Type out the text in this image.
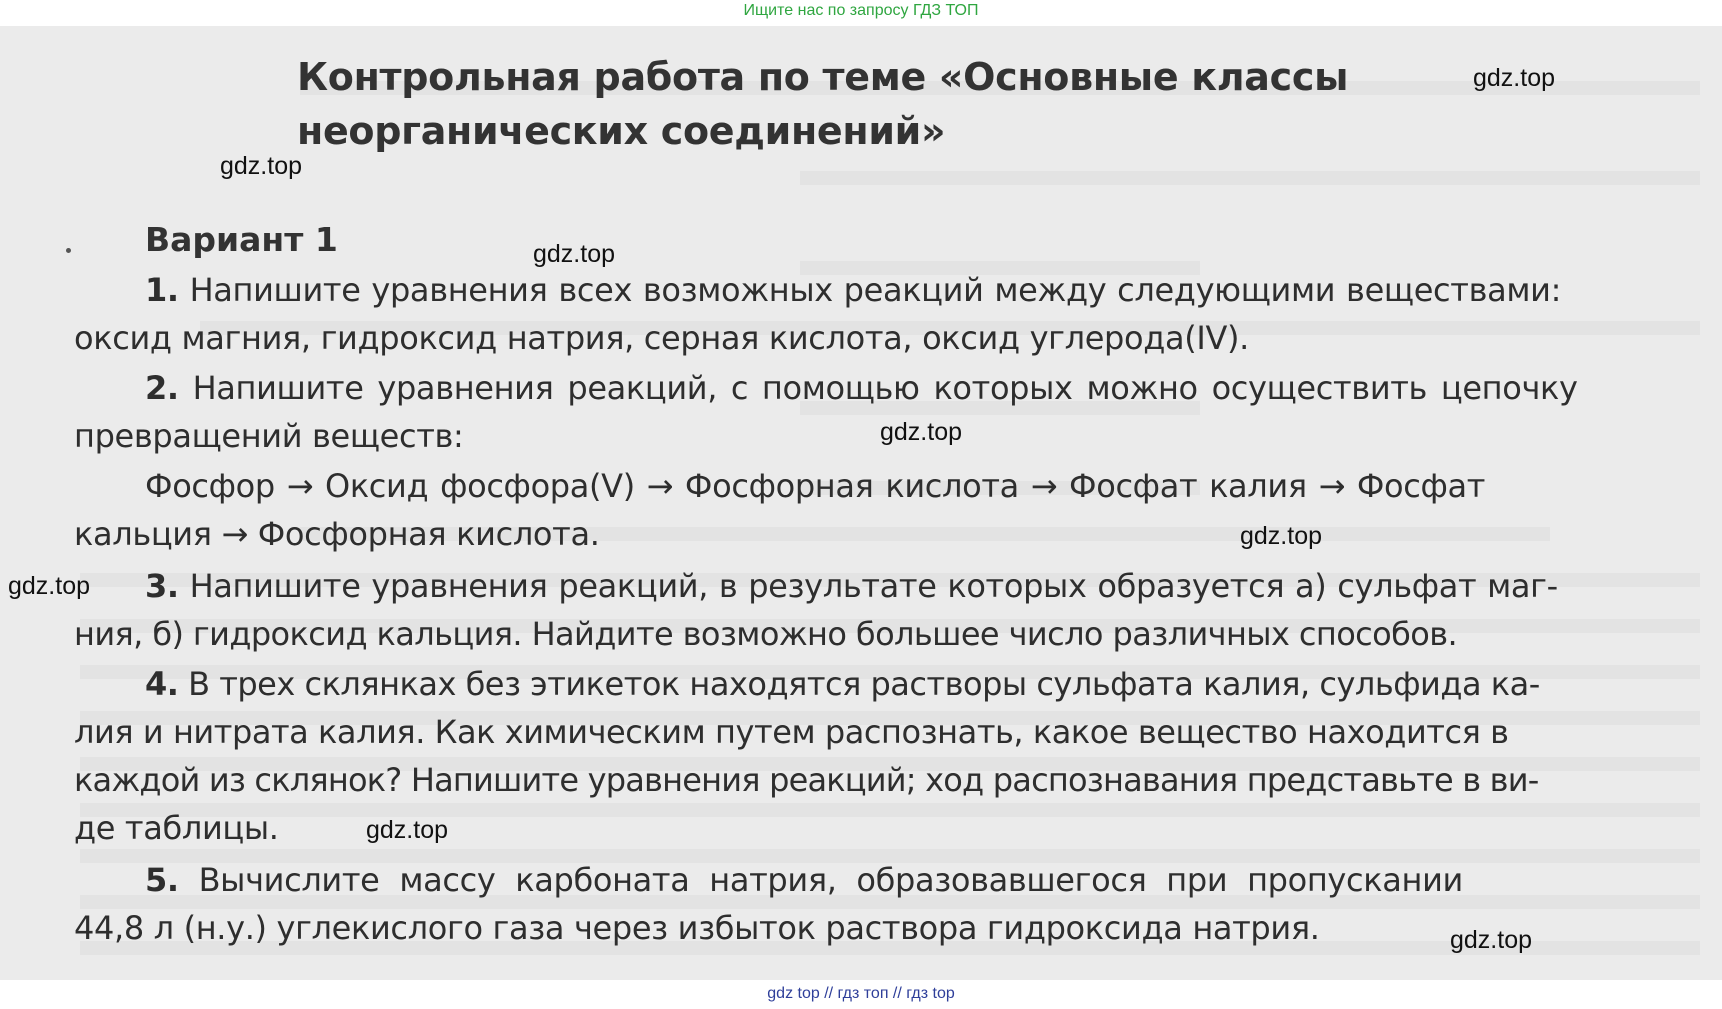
Ищите нас по запросу ГДЗ ТОП
Контрольная работа по теме «Основные классы
неорганических соединений»
Вариант 1
1. Напишите уравнения всех возможных реакций между следующими веществами:
оксид магния, гидроксид натрия, серная кислота, оксид углерода(IV).
2. Напишите уравнения реакций, с помощью которых можно осуществить цепочку
превращений веществ:
Фосфор → Оксид фосфора(V) → Фосфорная кислота → Фосфат калия → Фосфат
кальция → Фосфорная кислота.
3. Напишите уравнения реакций, в результате которых образуется а) сульфат маг-
ния, б) гидроксид кальция. Найдите возможно большее число различных способов.
4. В трех склянках без этикеток находятся растворы сульфата калия, сульфида ка-
лия и нитрата калия. Как химическим путем распознать, какое вещество находится в
каждой из склянок? Напишите уравнения реакций; ход распознавания представьте в ви-
де таблицы.
5. Вычислите массу карбоната натрия, образовавшегося при пропускании
44,8 л (н.у.) углекислого газа через избыток раствора гидроксида натрия.
gdz.top
gdz.top
gdz.top
gdz.top
gdz.top
gdz.top
gdz.top
gdz.top
gdz top // гдз топ // гдз top
